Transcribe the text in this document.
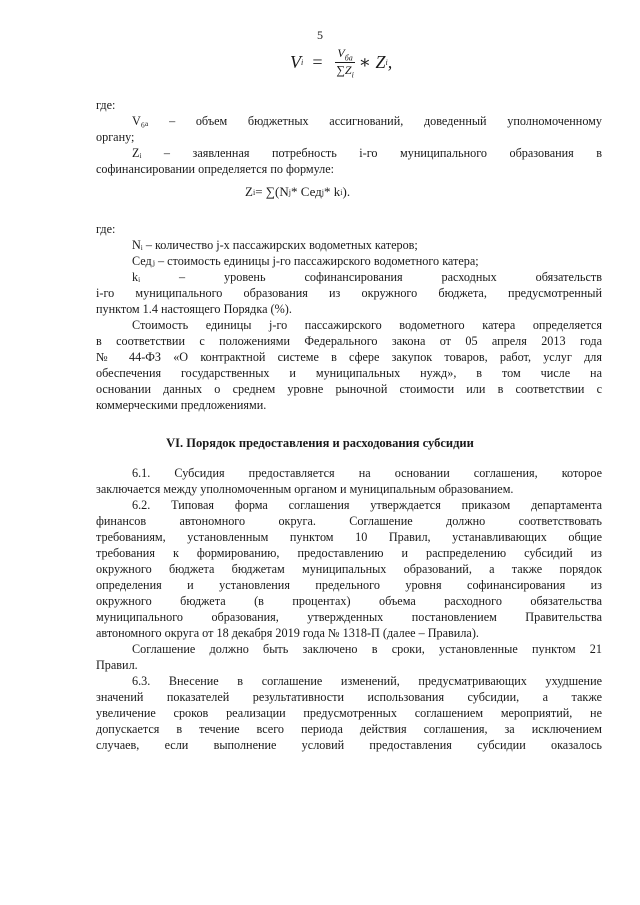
5
V $i = \frac{V_{ба}}{\sum Z_i}$ ∗ Z i ,
Z i = ∑(N j * Сед j * k i ).
где:
V₆ₐ – объем бюджетных ассигнований, доведенный уполномоченному
органу;
Zᵢ – заявленная потребность i-го муниципального образования в
софинансировании определяется по формуле:
где:
Nᵢ – количество j-х пассажирских водометных катеров;
Седⱼ – стоимость единицы j-го пассажирского водометного катера;
kᵢ – уровень софинансирования расходных обязательств
i-го муниципального образования из окружного бюджета, предусмотренный
пунктом 1.4 настоящего Порядка (%).
Стоимость единицы j-го пассажирского водометного катера определяется
в соответствии с положениями Федерального закона от 05 апреля 2013 года
№ 44-ФЗ «О контрактной системе в сфере закупок товаров, работ, услуг для
обеспечения государственных и муниципальных нужд», в том числе на
основании данных о среднем уровне рыночной стоимости или в соответствии с
коммерческими предложениями.
VI. Порядок предоставления и расходования субсидии
6.1. Субсидия предоставляется на основании соглашения, которое
заключается между уполномоченным органом и муниципальным образованием.
6.2. Типовая форма соглашения утверждается приказом департамента
финансов автономного округа. Соглашение должно соответствовать
требованиям, установленным пунктом 10 Правил, устанавливающих общие
требования к формированию, предоставлению и распределению субсидий из
окружного бюджета бюджетам муниципальных образований, а также порядок
определения и установления предельного уровня софинансирования из
окружного бюджета (в процентах) объема расходного обязательства
муниципального образования, утвержденных постановлением Правительства
автономного округа от 18 декабря 2019 года № 1318-П (далее – Правила).
Соглашение должно быть заключено в сроки, установленные пунктом 21
Правил.
6.3. Внесение в соглашение изменений, предусматривающих ухудшение
значений показателей результативности использования субсидии, а также
увеличение сроков реализации предусмотренных соглашением мероприятий, не
допускается в течение всего периода действия соглашения, за исключением
случаев, если выполнение условий предоставления субсидии оказалось
